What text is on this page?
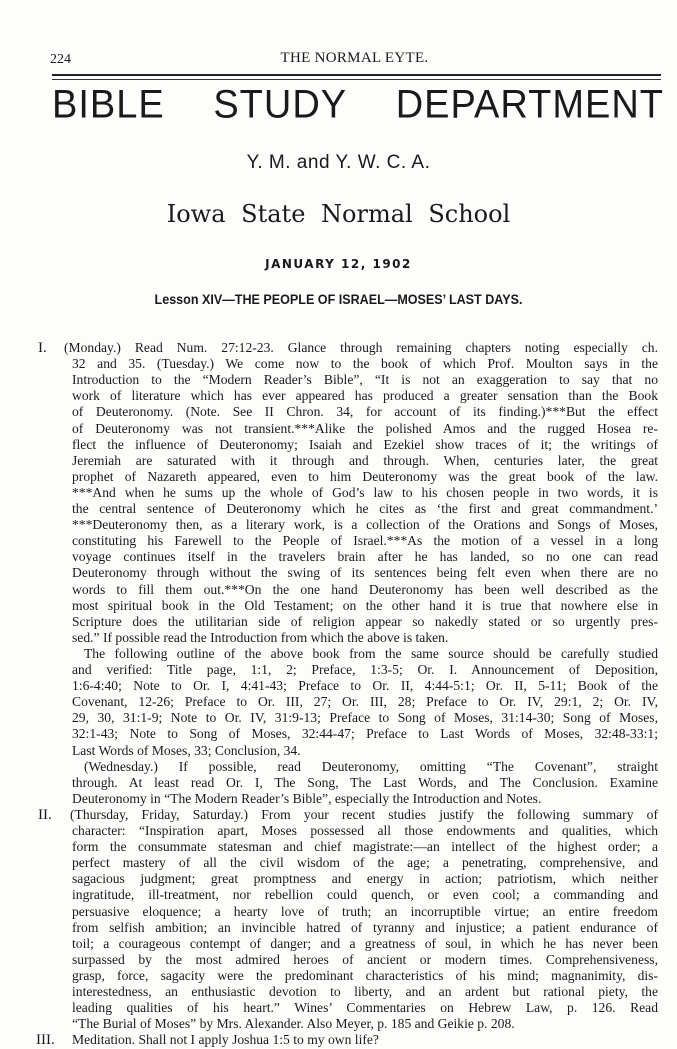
224	THE NORMAL EYTE.
BIBLE STUDY DEPARTMENT
Y. M. and Y. W. C. A.
Iowa State Normal School
JANUARY 12, 1902
Lesson XIV—THE PEOPLE OF ISRAEL—MOSES’ LAST DAYS.
I. (Monday.) Read Num. 27:12-23. Glance through remaining chapters noting especially ch.
32 and 35. (Tuesday.) We come now to the book of which Prof. Moulton says in the
Introduction to the “Modern Reader’s Bible”, “It is not an exaggeration to say that no
work of literature which has ever appeared has produced a greater sensation than the Book
of Deuteronomy. (Note. See II Chron. 34, for account of its finding.)***But the effect
of Deuteronomy was not transient.***Alike the polished Amos and the rugged Hosea re-
flect the influence of Deuteronomy; Isaiah and Ezekiel show traces of it; the writings of
Jeremiah are saturated with it through and through. When, centuries later, the great
prophet of Nazareth appeared, even to him Deuteronomy was the great book of the law.
***And when he sums up the whole of God’s law to his chosen people in two words, it is
the central sentence of Deuteronomy which he cites as ‘the first and great commandment.’
***Deuteronomy then, as a literary work, is a collection of the Orations and Songs of Moses,
constituting his Farewell to the People of Israel.***As the motion of a vessel in a long
voyage continues itself in the travelers brain after he has landed, so no one can read
Deuteronomy through without the swing of its sentences being felt even when there are no
words to fill them out.***On the one hand Deuteronomy has been well described as the
most spiritual book in the Old Testament; on the other hand it is true that nowhere else in
Scripture does the utilitarian side of religion appear so nakedly stated or so urgently pres-
sed.” If possible read the Introduction from which the above is taken.
The following outline of the above book from the same source should be carefully studied
and verified: Title page, 1:1, 2; Preface, 1:3-5; Or. I. Announcement of Deposition,
1:6-4:40; Note to Or. I, 4:41-43; Preface to Or. II, 4:44-5:1; Or. II, 5-11; Book of the
Covenant, 12-26; Preface to Or. III, 27; Or. III, 28; Preface to Or. IV, 29:1, 2; Or. IV,
29, 30, 31:1-9; Note to Or. IV, 31:9-13; Preface to Song of Moses, 31:14-30; Song of Moses,
32:1-43; Note to Song of Moses, 32:44-47; Preface to Last Words of Moses, 32:48-33:1;
Last Words of Moses, 33; Conclusion, 34.
(Wednesday.) If possible, read Deuteronomy, omitting “The Covenant”, straight
through. At least read Or. I, The Song, The Last Words, and The Conclusion. Examine
Deuteronomy in “The Modern Reader’s Bible”, especially the Introduction and Notes.
II. (Thursday, Friday, Saturday.) From your recent studies justify the following summary of
character: “Inspiration apart, Moses possessed all those endowments and qualities, which
form the consummate statesman and chief magistrate:—an intellect of the highest order; a
perfect mastery of all the civil wisdom of the age; a penetrating, comprehensive, and
sagacious judgment; great promptness and energy in action; patriotism, which neither
ingratitude, ill-treatment, nor rebellion could quench, or even cool; a commanding and
persuasive eloquence; a hearty love of truth; an incorruptible virtue; an entire freedom
from selfish ambition; an invincible hatred of tyranny and injustice; a patient endurance of
toil; a courageous contempt of danger; and a greatness of soul, in which he has never been
surpassed by the most admired heroes of ancient or modern times. Comprehensiveness,
grasp, force, sagacity were the predominant characteristics of his mind; magnanimity, dis-
interestedness, an enthusiastic devotion to liberty, and an ardent but rational piety, the
leading qualities of his heart.” Wines’ Commentaries on Hebrew Law, p. 126. Read
“The Burial of Moses” by Mrs. Alexander. Also Meyer, p. 185 and Geikie p. 208.
III. Meditation. Shall not I apply Joshua 1:5 to my own life?
